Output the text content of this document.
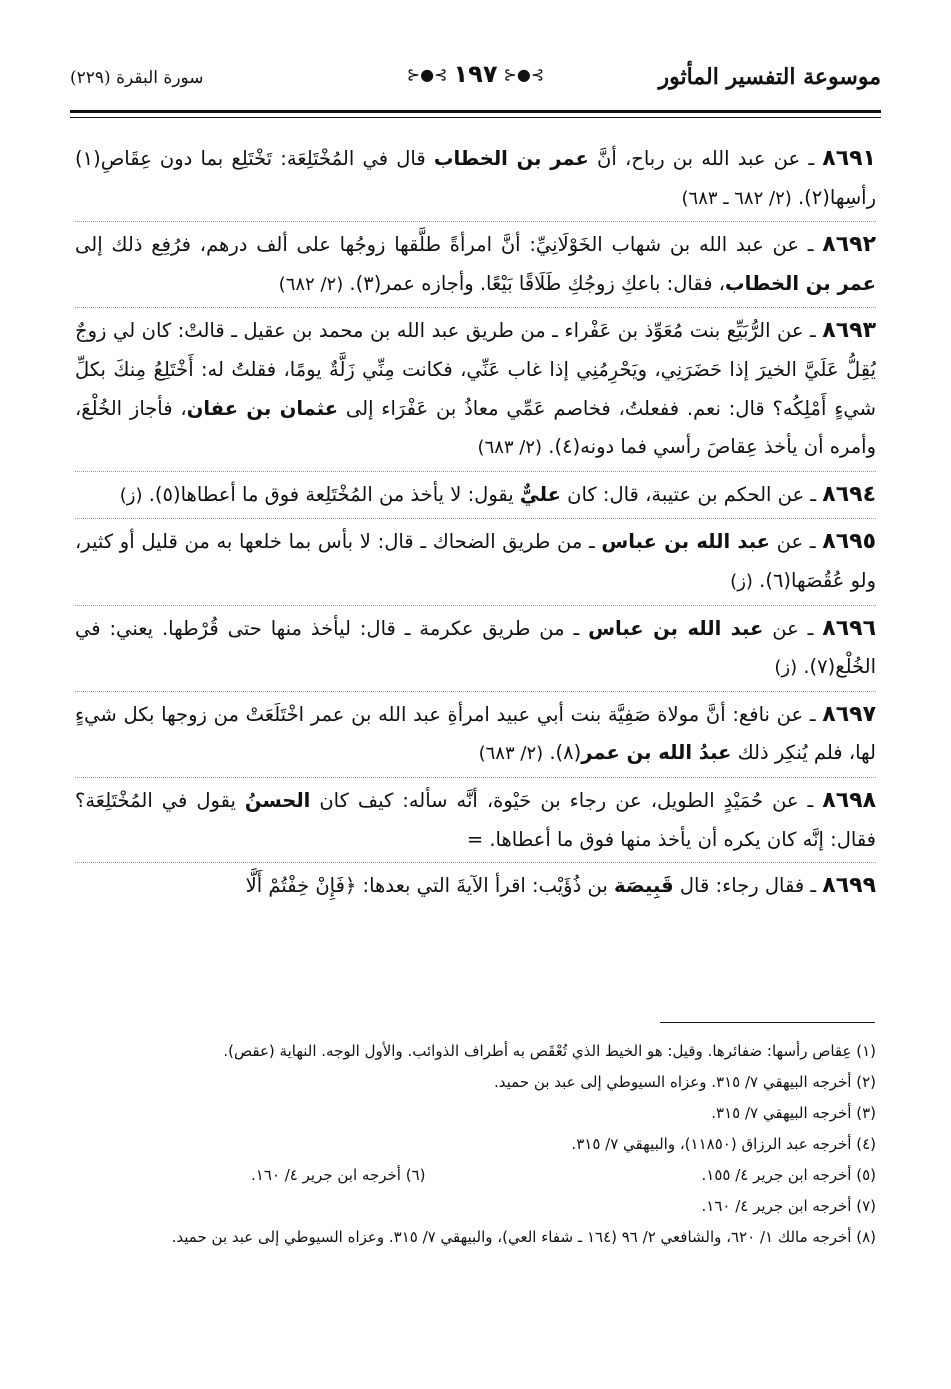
موسوعة التفسير المأثور
⊱●⊰ ١٩٧ ⊱●⊰
سورة البقرة (٢٢٩)

٨٦٩١ ـ عن عبد الله بن رباح، أنَّ عمر بن الخطاب قال في المُخْتَلِعَة: تَخْتَلِع بما دون عِقَاصِ(١) رأسِها(٢). (٢/ ٦٨٢ ـ ٦٨٣)

٨٦٩٢ ـ عن عبد الله بن شهاب الخَوْلَانِيِّ: أنَّ امرأةً طلَّقها زوجُها على ألف درهم، فرُفِع ذلك إلى عمر بن الخطاب، فقال: باعكِ زوجُكِ طَلَاقًا بَيْعًا. وأجازه عمر(٣). (٢/ ٦٨٢)

٨٦٩٣ ـ عن الرُّبَيِّع بنت مُعَوِّذ بن عَفْراء ـ من طريق عبد الله بن محمد بن عقيل ـ قالتْ: كان لي زوجٌ يُقِلُّ عَلَيَّ الخيرَ إذا حَضَرَنِي، ويَحْرِمُنِي إذا غاب عَنِّي، فكانت مِنِّي زَلَّةٌ يومًا، فقلتُ له: أَخْتَلِعُ مِنكَ بكلِّ شيءٍ أَمْلِكُه؟ قال: نعم. ففعلتُ، فخاصم عَمِّي معاذُ بن عَفْرَاء إلى عثمان بن عفان، فأجاز الخُلْعَ، وأمره أن يأخذ عِقاصَ رأسي فما دونه(٤). (٢/ ٦٨٣)

٨٦٩٤ ـ عن الحكم بن عتيبة، قال: كان عليٌّ يقول: لا يأخذ من المُخْتَلِعة فوق ما أعطاها(٥). (ز)

٨٦٩٥ ـ عن عبد الله بن عباس ـ من طريق الضحاك ـ قال: لا بأس بما خلعها به من قليل أو كثير، ولو عُقُصَها(٦). (ز)

٨٦٩٦ ـ عن عبد الله بن عباس ـ من طريق عكرمة ـ قال: ليأخذ منها حتى قُرْطها. يعني: في الخُلْع(٧). (ز)

٨٦٩٧ ـ عن نافع: أنَّ مولاة صَفِيَّة بنت أبي عبيد امرأةِ عبد الله بن عمر اخْتَلَعَتْ من زوجها بكل شيءٍ لها، فلم يُنكِر ذلك عبدُ الله بن عمر(٨). (٢/ ٦٨٣)

٨٦٩٨ ـ عن حُمَيْدٍ الطويل، عن رجاء بن حَيْوة، أنَّه سأله: كيف كان الحسنُ يقول في المُخْتَلِعَة؟ فقال: إنَّه كان يكره أن يأخذ منها فوق ما أعطاها. =

٨٦٩٩ ـ فقال رجاء: قال قَبِيصَة بن ذُؤَيْب: اقرأ الآيةَ التي بعدها: ﴿فَإِنْ خِفْتُمْ أَلَّا

(١) عِقاص رأسها: ضفائرها. وقيل: هو الخيط الذي تُعْقَص به أطراف الذوائب. والأول الوجه. النهاية (عقص).

(٢) أخرجه البيهقي ٧/ ٣١٥. وعزاه السيوطي إلى عبد بن حميد.

(٣) أخرجه البيهقي ٧/ ٣١٥.

(٤) أخرجه عبد الرزاق (١١٨٥٠)، والبيهقي ٧/ ٣١٥.

(٥) أخرجه ابن جرير ٤/ ١٥٥.
(٦) أخرجه ابن جرير ٤/ ١٦٠.

(٧) أخرجه ابن جرير ٤/ ١٦٠.

(٨) أخرجه مالك ١/ ٦٢٠، والشافعي ٢/ ٩٦ (١٦٤ ـ شفاء العي)، والبيهقي ٧/ ٣١٥. وعزاه السيوطي إلى عبد بن حميد.
